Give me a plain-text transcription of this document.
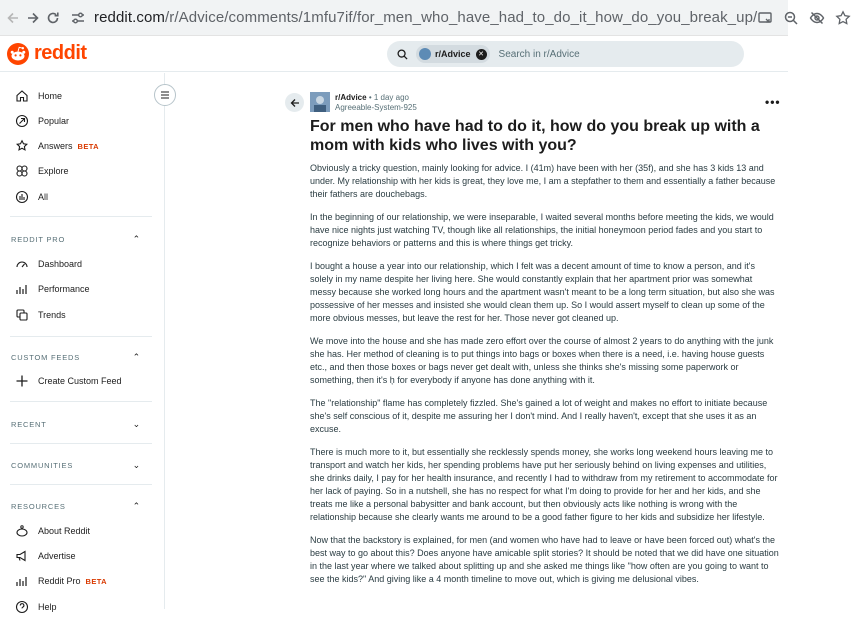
reddit.com /r/Advice/comments/1mfu7if/for_men_who_have_had_to_do_it_how_do_you_break_up/
reddit	r/Advice	✕ Search in r/Advice
Home
Popular
Answers BETA
Explore
All
REDDIT PRO	⌃
Dashboard
Performance
Trends
CUSTOM FEEDS	⌃
Create Custom Feed
RECENT	⌄
COMMUNITIES	⌄
RESOURCES	⌃
About Reddit
Advertise
Reddit Pro BETA
Help
r/Advice • 1 day ago
Agreeable-System-925	•••
For men who have had to do it, how do you break up with a mom with kids who lives with you?

Obviously a tricky question, mainly looking for advice. I (41m) have been with her (35f), and she has 3 kids 13 and under. My relationship with her kids is great, they love me, I am a stepfather to them and essentially a father because their fathers are douchebags.

In the beginning of our relationship, we were inseparable, I waited several months before meeting the kids, we would have nice nights just watching TV, though like all relationships, the initial honeymoon period fades and you start to recognize behaviors or patterns and this is where things get tricky.

I bought a house a year into our relationship, which I felt was a decent amount of time to know a person, and it's solely in my name despite her living here. She would constantly explain that her apartment prior was somewhat messy because she worked long hours and the apartment wasn't meant to be a long term situation, but also she was possessive of her messes and insisted she would clean them up. So I would assert myself to clean up some of the more obvious messes, but leave the rest for her. Those never got cleaned up.

We move into the house and she has made zero effort over the course of almost 2 years to do anything with the junk she has. Her method of cleaning is to put things into bags or boxes when there is a need, i.e. having house guests etc., and then those boxes or bags never get dealt with, unless she thinks she's missing some paperwork or something, then it's h̦ for everybody if anyone has done anything with it.

The "relationship" flame has completely fizzled. She's gained a lot of weight and makes no effort to initiate because she's self conscious of it, despite me assuring her I don't mind. And I really haven't, except that she uses it as an excuse.

There is much more to it, but essentially she recklessly spends money, she works long weekend hours leaving me to transport and watch her kids, her spending problems have put her seriously behind on living expenses and utilities, she drinks daily, I pay for her health insurance, and recently I had to withdraw from my retirement to accommodate for her lack of paying. So in a nutshell, she has no respect for what I'm doing to provide for her and her kids, and she treats me like a personal babysitter and bank account, but then obviously acts like nothing is wrong with the relationship because she clearly wants me around to be a good father figure to her kids and subsidize her lifestyle.

Now that the backstory is explained, for men (and women who have had to leave or have been forced out) what's the best way to go about this? Does anyone have amicable split stories? It should be noted that we did have one situation in the last year where we talked about splitting up and she asked me things like "how often are you going to want to see the kids?" And giving like a 4 month timeline to move out, which is giving me delusional vibes.
